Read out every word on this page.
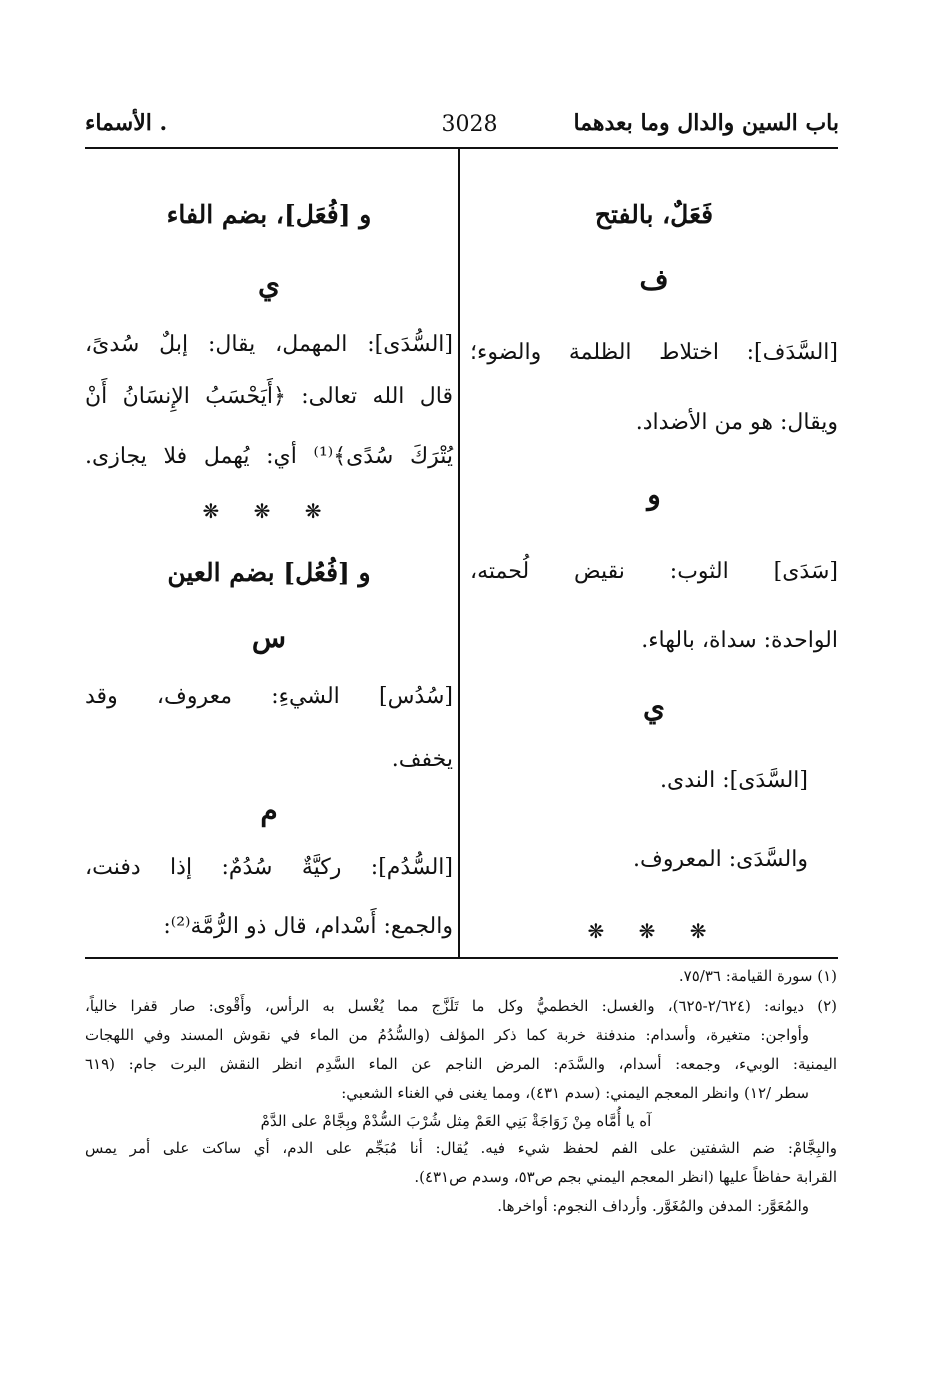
باب السين والدال وما بعدهما
3028
الأسماء .
فَعَلٌ، بالفتح
ف
[السَّدَف]: اختلاط الظلمة والضوء؛
ويقال: هو من الأضداد.
و
[سَدَى] الثوب: نقيض لُحمته،
الواحدة: سداة، بالهاء.
ي
[السَّدَى]: الندى.
والسَّدَى: المعروف.
❋ ❋ ❋
و [فُعَل]، بضم الفاء
ي
[السُّدَى]: المهمل، يقال: إبلٌ سُدىً،
قال الله تعالى: ﴿أَيَحْسَبُ الإِنسَانُ أَنْ
يُتْرَكَ سُدًى﴾⁽¹⁾ أي: يُهمل فلا يجازى.
❋ ❋ ❋
و [فُعُل] بضم العين
س
[سُدُس] الشيءِ: معروف، وقد
يخفف.
م
[السُّدُم]: ركيَّةٌ سُدُمٌ: إذا دفنت،
والجمع: أَسْدام، قال ذو الرُّمَّة⁽²⁾:
(١) سورة القيامة: ٧٥/٣٦.
(٢) ديوانه: (٢/٦٢٤-٦٢٥)، والغسل: الخطميُّ وكل ما تَلَزَّج مما يُغْسل به الرأس، وأَقْوى: صار قفرا خالياً،
وأواجن: متغيرة، وأسدام: مندفنة خربة كما ذكر المؤلف (والسُّدُمُ من الماء في نقوش المسند وفي اللهجات
اليمنية: الوبيء، وجمعه: أسدام، والسَّدَم: المرض الناجم عن الماء السَّدِم انظر النقش البرت جام: (٦١٩
سطر /١٢) وانظر المعجم اليمني: (سدم ٤٣١)، ومما يغنى في الغناء الشعبي:
آه يا أُمَّاه مِنْ زَوَاجَةْ بَنِي العَمْ مِثل شُرْبَ السُّدْمْ وبِجَّامْ على الدَّمْ
والبِجَّامْ: ضم الشفتين على الفم لحفظ شيء فيه. يُقال: أنا مُبَجِّم على الدم، أي ساكت على أمر يمس
القرابة حفاظاً عليها (انظر المعجم اليمني بجم ص٥٣، وسدم ص٤٣١).
والمُعَوَّر: المدفن والمُغَوَّر. وأرداف النجوم: أواخرها.
